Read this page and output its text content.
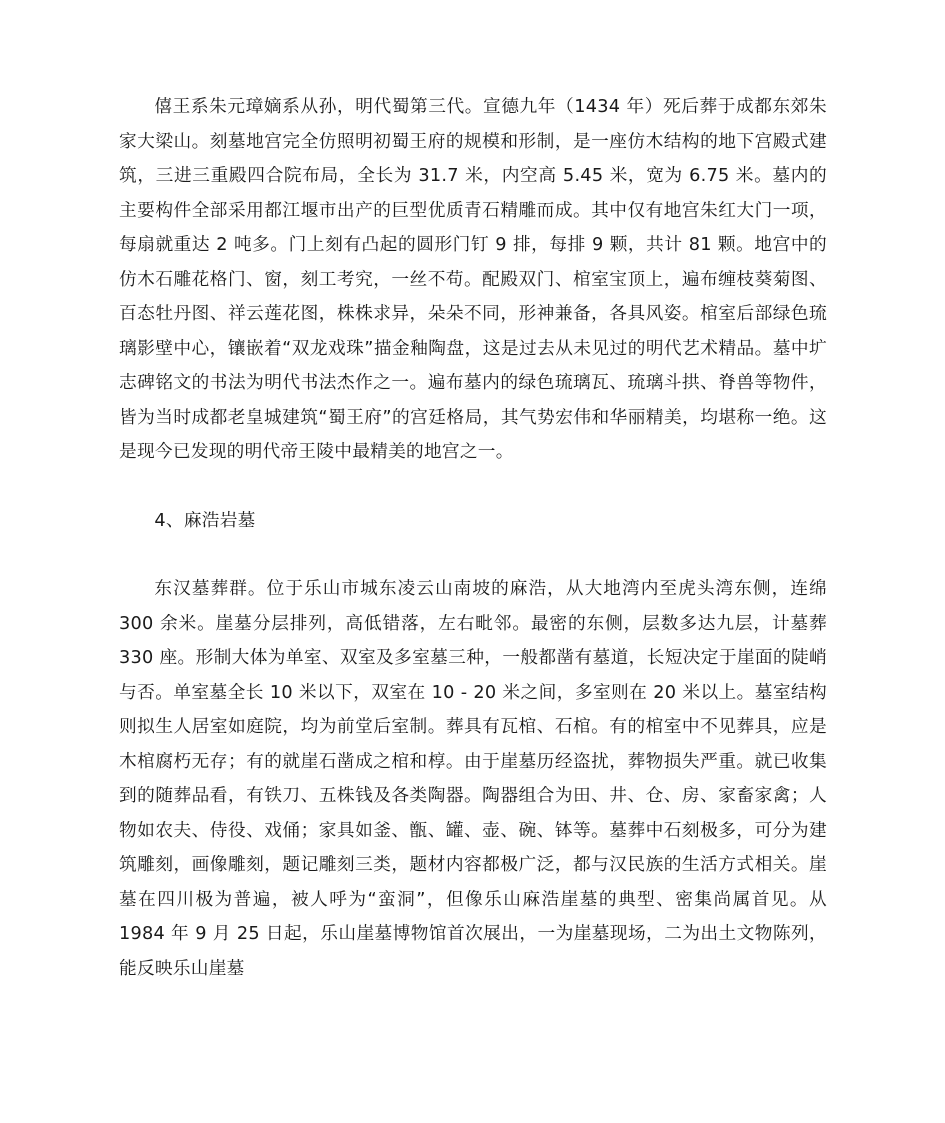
僖王系朱元璋嫡系从孙，明代蜀第三代。宣德九年（1434 年）死后葬于成都东郊朱家大梁山。刻墓地宫完全仿照明初蜀王府的规模和形制，是一座仿木结构的地下宫殿式建筑，三进三重殿四合院布局，全长为 31.7 米，内空高 5.45 米，宽为 6.75 米。墓内的主要构件全部采用都江堰市出产的巨型优质青石精雕而成。其中仅有地宫朱红大门一项，每扇就重达 2 吨多。门上刻有凸起的圆形门钉 9 排，每排 9 颗，共计 81 颗。地宫中的仿木石雕花格门、窗，刻工考究，一丝不苟。配殿双门、棺室宝顶上，遍布缠枝葵菊图、百态牡丹图、祥云莲花图，株株求异，朵朵不同，形神兼备，各具风姿。棺室后部绿色琉璃影壁中心，镶嵌着“双龙戏珠”描金釉陶盘，这是过去从未见过的明代艺术精品。墓中圹志碑铭文的书法为明代书法杰作之一。遍布墓内的绿色琉璃瓦、琉璃斗拱、脊兽等物件，皆为当时成都老皇城建筑“蜀王府”的宫廷格局，其气势宏伟和华丽精美，均堪称一绝。这是现今已发现的明代帝王陵中最精美的地宫之一。

4、麻浩岩墓

东汉墓葬群。位于乐山市城东凌云山南坡的麻浩，从大地湾内至虎头湾东侧，连绵 300 余米。崖墓分层排列，高低错落，左右毗邻。最密的东侧，层数多达九层，计墓葬 330 座。形制大体为单室、双室及多室墓三种，一般都凿有墓道，长短决定于崖面的陡峭与否。单室墓全长 10 米以下，双室在 10 - 20 米之间，多室则在 20 米以上。墓室结构则拟生人居室如庭院，均为前堂后室制。葬具有瓦棺、石棺。有的棺室中不见葬具，应是木棺腐朽无存；有的就崖石凿成之棺和椁。由于崖墓历经盗扰，葬物损失严重。就已收集到的随葬品看，有铁刀、五株钱及各类陶器。陶器组合为田、井、仓、房、家畜家禽；人物如农夫、侍役、戏俑；家具如釜、甑、罐、壶、碗、钵等。墓葬中石刻极多，可分为建筑雕刻，画像雕刻，题记雕刻三类，题材内容都极广泛，都与汉民族的生活方式相关。崖墓在四川极为普遍，被人呼为“蛮洞”，但像乐山麻浩崖墓的典型、密集尚属首见。从 1984 年 9 月 25 日起，乐山崖墓博物馆首次展出，一为崖墓现场，二为出土文物陈列，能反映乐山崖墓
